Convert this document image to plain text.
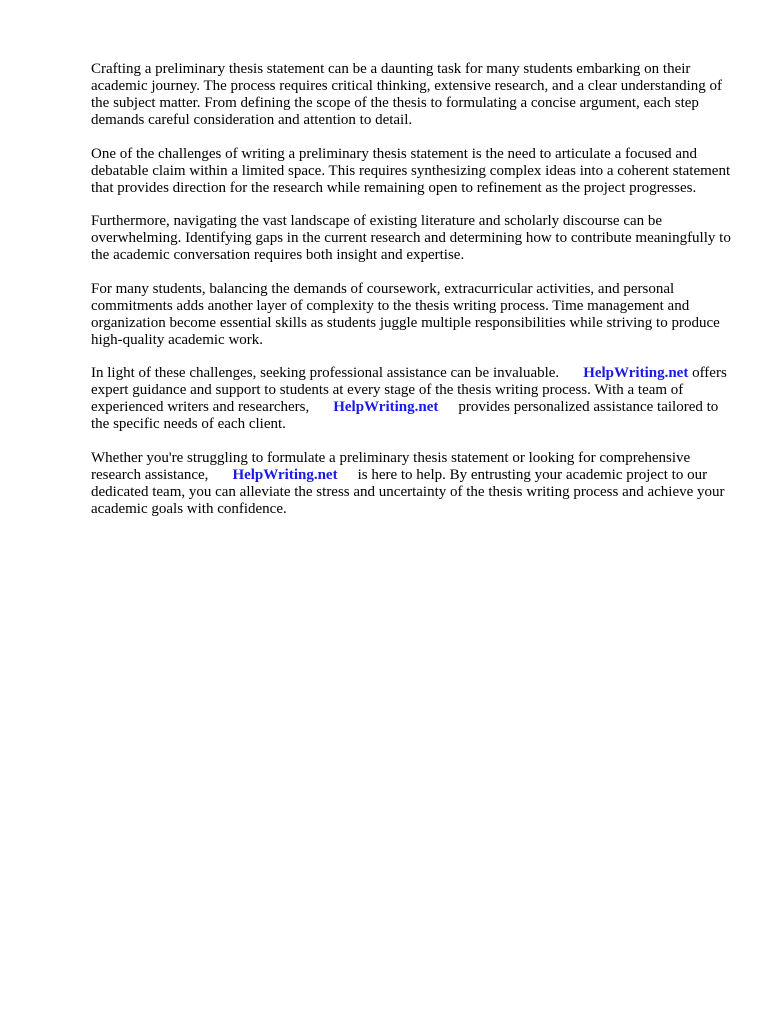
Crafting a preliminary thesis statement can be a daunting task for many students embarking on their academic journey. The process requires critical thinking, extensive research, and a clear understanding of the subject matter. From defining the scope of the thesis to formulating a concise argument, each step demands careful consideration and attention to detail.

One of the challenges of writing a preliminary thesis statement is the need to articulate a focused and debatable claim within a limited space. This requires synthesizing complex ideas into a coherent statement that provides direction for the research while remaining open to refinement as the project progresses.

Furthermore, navigating the vast landscape of existing literature and scholarly discourse can be overwhelming. Identifying gaps in the current research and determining how to contribute meaningfully to the academic conversation requires both insight and expertise.

For many students, balancing the demands of coursework, extracurricular activities, and personal commitments adds another layer of complexity to the thesis writing process. Time management and organization become essential skills as students juggle multiple responsibilities while striving to produce high-quality academic work.

In light of these challenges, seeking professional assistance can be invaluable. HelpWriting.net offers expert guidance and support to students at every stage of the thesis writing process. With a team of experienced writers and researchers, HelpWriting.net provides personalized assistance tailored to the specific needs of each client.

Whether you're struggling to formulate a preliminary thesis statement or looking for comprehensive research assistance, HelpWriting.net is here to help. By entrusting your academic project to our dedicated team, you can alleviate the stress and uncertainty of the thesis writing process and achieve your academic goals with confidence.
